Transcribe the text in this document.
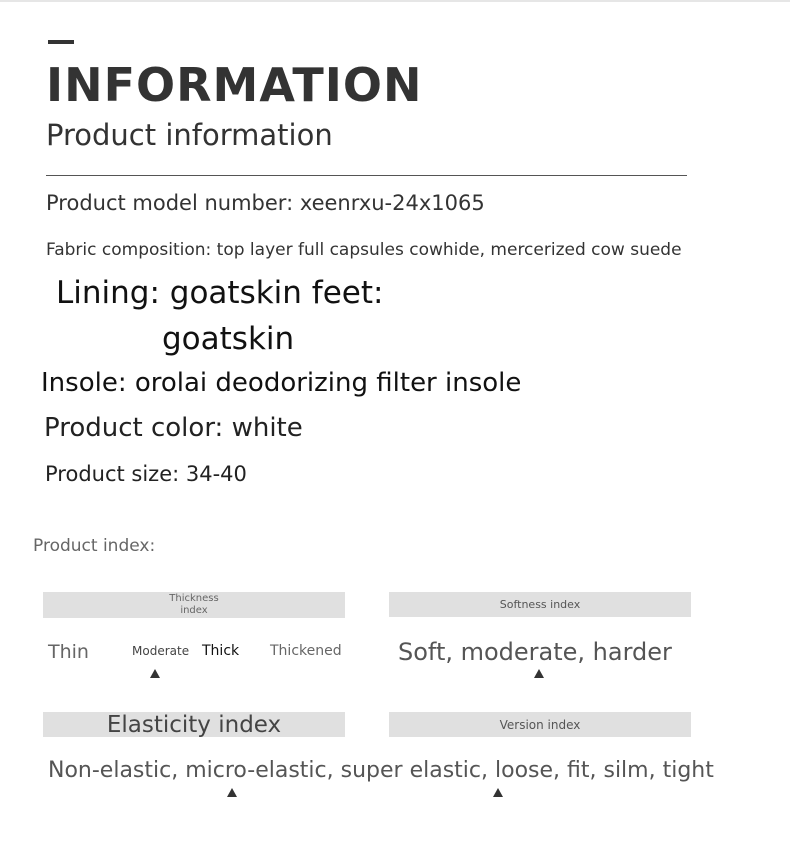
INFORMATION
Product information
Product model number: xeenrxu-24x1065
Fabric composition: top layer full capsules cowhide, mercerized cow suede
Lining: goatskin feet:
goatskin
Insole: orolai deodorizing filter insole
Product color: white
Product size: 34-40
Product index:
Thickness index
Thin	Moderate Thick Thickened
Softness index
Soft, moderate, harder
Elasticity index	Version index
Non-elastic, micro-elastic, super elastic, loose, fit, silm, tight
